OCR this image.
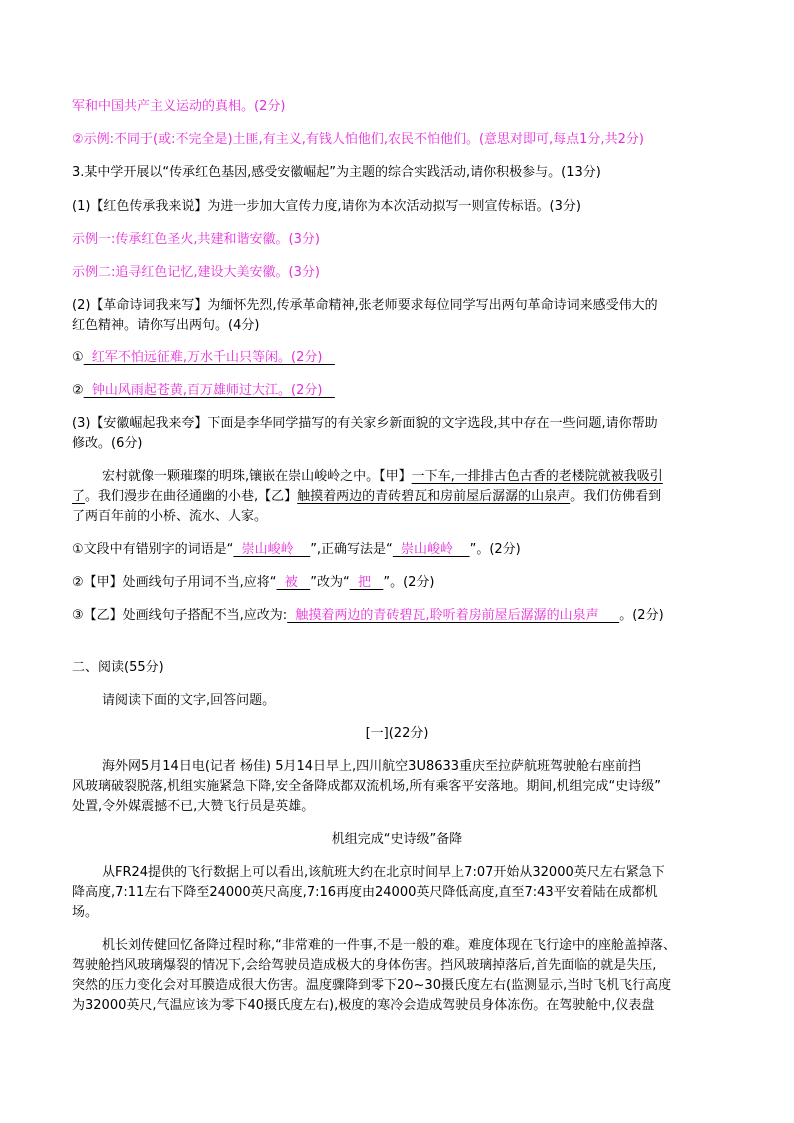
军和中国共产主义运动的真相。(2分)
②示例:不同于(或:不完全是)土匪,有主义,有钱人怕他们,农民不怕他们。(意思对即可,每点1分,共2分)
3.某中学开展以“传承红色基因,感受安徽崛起”为主题的综合实践活动,请你积极参与。(13分)
(1)【红色传承我来说】为进一步加大宣传力度,请你为本次活动拟写一则宣传标语。(3分)
示例一:传承红色圣火,共建和谐安徽。(3分)
示例二:追寻红色记忆,建设大美安徽。(3分)
(2)【革命诗词我来写】为缅怀先烈,传承革命精神,张老师要求每位同学写出两句革命诗词来感受伟大的
红色精神。请你写出两句。(4分)
①  红军不怕远征难,万水千山只等闲。(2分)
②  钟山风雨起苍黄,百万雄师过大江。(2分)
(3)【安徽崛起我来夸】下面是李华同学描写的有关家乡新面貌的文字选段,其中存在一些问题,请你帮助
修改。(6分)
宏村就像一颗璀璨的明珠,镶嵌在崇山峻岭之中。【甲】一下车,一排排古色古香的老楼院就被我吸引
了。我们漫步在曲径通幽的小巷,【乙】触摸着两边的青砖碧瓦和房前屋后潺潺的山泉声。我们仿佛看到
了两百年前的小桥、流水、人家。
①文段中有错别字的词语是“  崇山峻岭    ”,正确写法是“  崇山峻岭    ”。(2分)
②【甲】处画线句子用词不当,应将“  被   ”改为“  把   ”。(2分)
③【乙】处画线句子搭配不当,应改为:  触摸着两边的青砖碧瓦,聆听着房前屋后潺潺的山泉声     。(2分)
二、阅读(55分)
请阅读下面的文字,回答问题。
[一](22分)
海外网5月14日电(记者 杨佳) 5月14日早上,四川航空3U8633重庆至拉萨航班驾驶舱右座前挡
风玻璃破裂脱落,机组实施紧急下降,安全备降成都双流机场,所有乘客平安落地。期间,机组完成“史诗级”
处置,令外媒震撼不已,大赞飞行员是英雄。
机组完成“史诗级”备降
从FR24提供的飞行数据上可以看出,该航班大约在北京时间早上7:07开始从32000英尺左右紧急下
降高度,7:11左右下降至24000英尺高度,7:16再度由24000英尺降低高度,直至7:43平安着陆在成都机
场。
机长刘传健回忆备降过程时称,“非常难的一件事,不是一般的难。难度体现在飞行途中的座舱盖掉落、
驾驶舱挡风玻璃爆裂的情况下,会给驾驶员造成极大的身体伤害。挡风玻璃掉落后,首先面临的就是失压,
突然的压力变化会对耳膜造成很大伤害。温度骤降到零下20~30摄氏度左右(监测显示,当时飞机飞行高度
为32000英尺,气温应该为零下40摄氏度左右),极度的寒冷会造成驾驶员身体冻伤。在驾驶舱中,仪表盘
